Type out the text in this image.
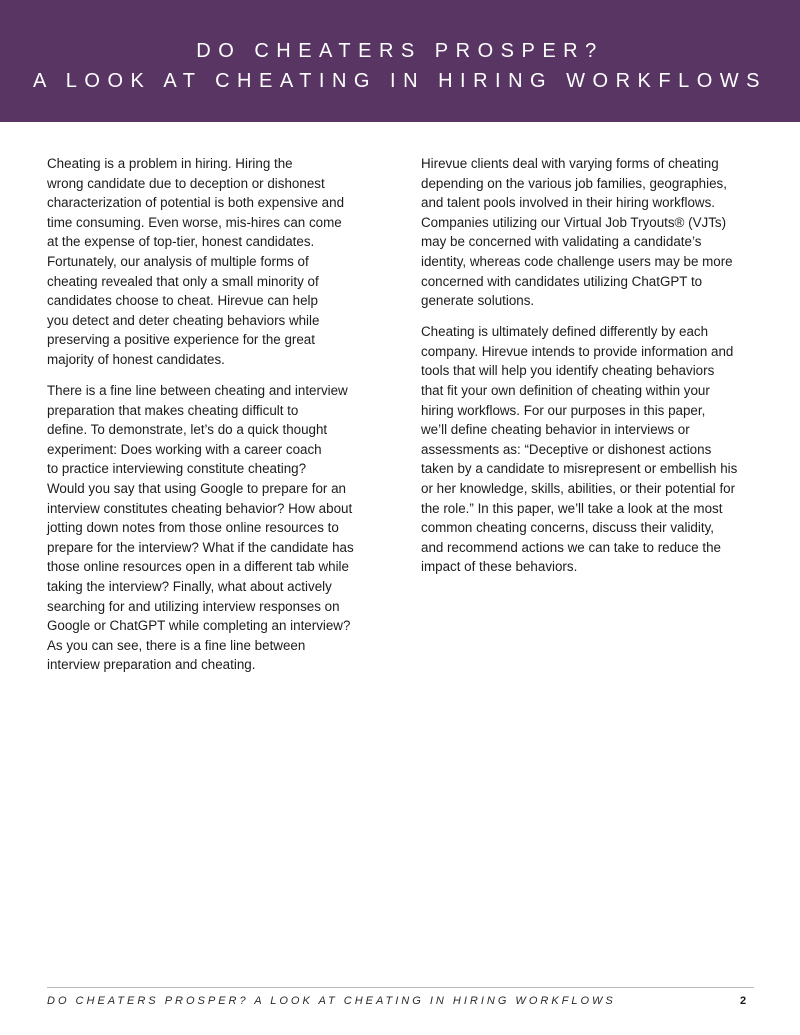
DO CHEATERS PROSPER?
A LOOK AT CHEATING IN HIRING WORKFLOWS

Cheating is a problem in hiring. Hiring the
wrong candidate due to deception or dishonest
characterization of potential is both expensive and
time consuming. Even worse, mis-hires can come
at the expense of top-tier, honest candidates.
Fortunately, our analysis of multiple forms of
cheating revealed that only a small minority of
candidates choose to cheat. Hirevue can help
you detect and deter cheating behaviors while
preserving a positive experience for the great
majority of honest candidates.

There is a fine line between cheating and interview
preparation that makes cheating difficult to
define. To demonstrate, let’s do a quick thought
experiment: Does working with a career coach
to practice interviewing constitute cheating?
Would you say that using Google to prepare for an
interview constitutes cheating behavior? How about
jotting down notes from those online resources to
prepare for the interview? What if the candidate has
those online resources open in a different tab while
taking the interview? Finally, what about actively
searching for and utilizing interview responses on
Google or ChatGPT while completing an interview?
As you can see, there is a fine line between
interview preparation and cheating.

Hirevue clients deal with varying forms of cheating
depending on the various job families, geographies,
and talent pools involved in their hiring workflows.
Companies utilizing our Virtual Job Tryouts® (VJTs)
may be concerned with validating a candidate’s
identity, whereas code challenge users may be more
concerned with candidates utilizing ChatGPT to
generate solutions.

Cheating is ultimately defined differently by each
company. Hirevue intends to provide information and
tools that will help you identify cheating behaviors
that fit your own definition of cheating within your
hiring workflows. For our purposes in this paper,
we’ll define cheating behavior in interviews or
assessments as: “Deceptive or dishonest actions
taken by a candidate to misrepresent or embellish his
or her knowledge, skills, abilities, or their potential for
the role.” In this paper, we’ll take a look at the most
common cheating concerns, discuss their validity,
and recommend actions we can take to reduce the
impact of these behaviors.

DO CHEATERS PROSPER? A LOOK AT CHEATING IN HIRING WORKFLOWS	2
